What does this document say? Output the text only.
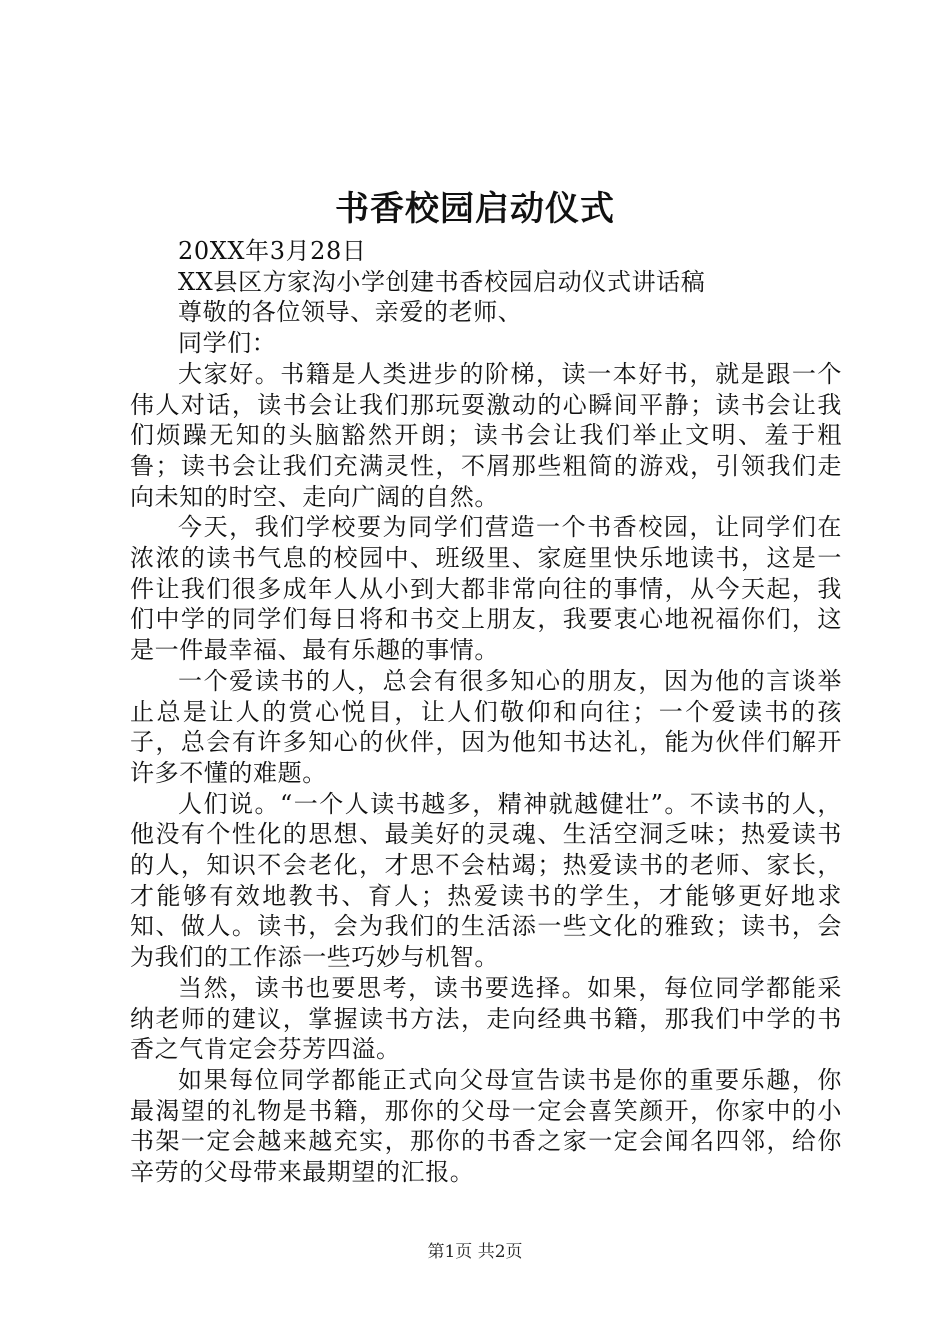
书香校园启动仪式

20XX年3月28日

XX县区方家沟小学创建书香校园启动仪式讲话稿

尊敬的各位领导、亲爱的老师、

同学们：

大家好。书籍是人类进步的阶梯，读一本好书，就是跟一个伟人对话，读书会让我们那玩耍激动的心瞬间平静；读书会让我们烦躁无知的头脑豁然开朗；读书会让我们举止文明、羞于粗鲁；读书会让我们充满灵性，不屑那些粗简的游戏，引领我们走向未知的时空、走向广阔的自然。

今天，我们学校要为同学们营造一个书香校园，让同学们在浓浓的读书气息的校园中、班级里、家庭里快乐地读书，这是一件让我们很多成年人从小到大都非常向往的事情，从今天起，我们中学的同学们每日将和书交上朋友，我要衷心地祝福你们，这是一件最幸福、最有乐趣的事情。

一个爱读书的人，总会有很多知心的朋友，因为他的言谈举止总是让人的赏心悦目，让人们敬仰和向往；一个爱读书的孩子，总会有许多知心的伙伴，因为他知书达礼，能为伙伴们解开许多不懂的难题。

人们说。“一个人读书越多，精神就越健壮”。不读书的人，他没有个性化的思想、最美好的灵魂、生活空洞乏味；热爱读书的人，知识不会老化，才思不会枯竭；热爱读书的老师、家长，才能够有效地教书、育人；热爱读书的学生，才能够更好地求知、做人。读书，会为我们的生活添一些文化的雅致；读书，会为我们的工作添一些巧妙与机智。

当然，读书也要思考，读书要选择。如果，每位同学都能采纳老师的建议，掌握读书方法，走向经典书籍，那我们中学的书香之气肯定会芬芳四溢。

如果每位同学都能正式向父母宣告读书是你的重要乐趣，你最渴望的礼物是书籍，那你的父母一定会喜笑颜开，你家中的小书架一定会越来越充实，那你的书香之家一定会闻名四邻，给你辛劳的父母带来最期望的汇报。

第1页 共2页
